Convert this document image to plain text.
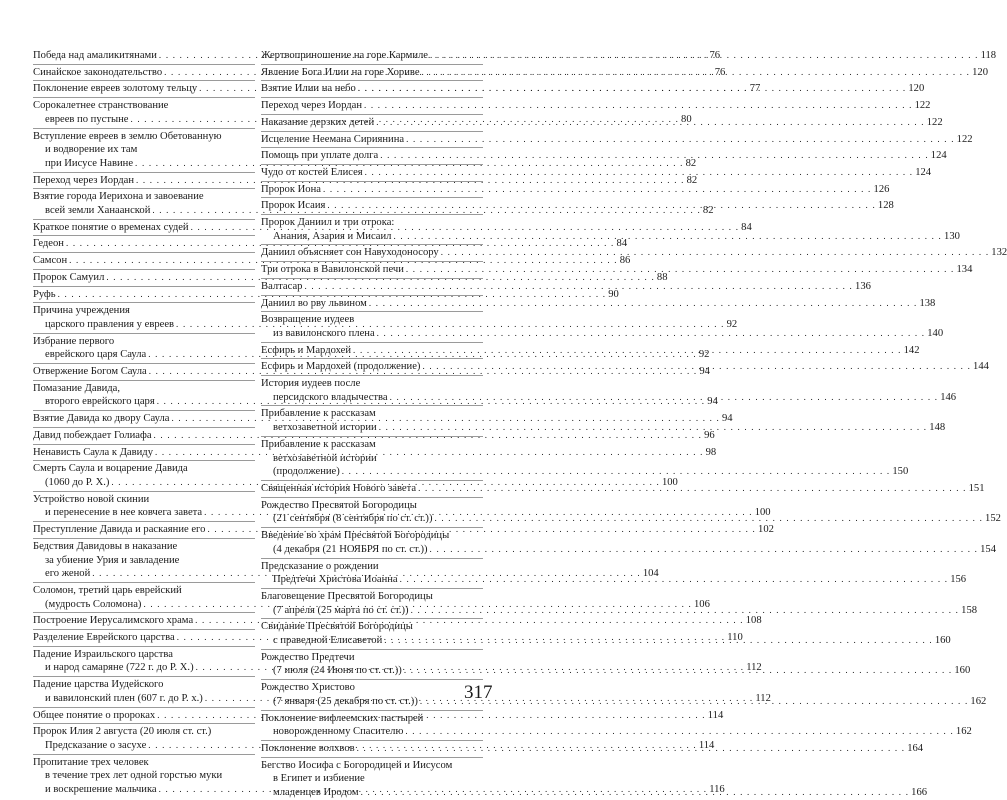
Победа над амаликитянами . . .	76
Синайское законодательство . . .	76
Поклонение евреев золотому тельцу . . .	77
Сорокалетнее странствование
евреев по пустыне . . .	80
Вступление евреев в землю Обетованную
и водворение их там
при Иисусе Навине . . .	82
Переход через Иордан . . .	82
Взятие города Иерихона и завоевание
всей земли Ханаанской . . .	82
Краткое понятие о временах судей . . .	84
Гедеон . . .	84
Самсон . . .	86
Пророк Самуил . . .	88
Руфь . . .	90
Причина учреждения
царского правления у евреев . . .	92
Избрание первого
еврейского царя Саула . . .	92
Отвержение Богом Саула . . .	94
Помазание Давида,
второго еврейского царя . . .	94
Взятие Давида ко двору Саула . . .	94
Давид побеждает Голиафа . . .	96
Ненависть Саула к Давиду . . .	98
Смерть Саула и воцарение Давида
(1060 до Р. Х.) . . .	100
Устройство новой скинии
и перенесение в нее ковчега завета . . .	100
Преступление Давида и раскаяние его . . .	102
Бедствия Давидовы в наказание
за убиение Урия и завладение
его женой . . .	104
Соломон, третий царь еврейский
(мудрость Соломона) . . .	106
Построение Иерусалимского храма . . .	108
Разделение Еврейского царства . . .	110
Падение Израильского царства
и народ самаряне (722 г. до Р. Х.) . . .	112
Падение царства Иудейского
и вавилонский плен (607 г. до Р. х.) . . .	112
Общее понятие о пророках . . .	114
Пророк Илия 2 августа (20 июля ст. ст.)
Предсказание о засухе . . .	114
Пропитание трех человек
в течение трех лет одной горстью муки
и воскрешение мальчика . . .	116
Жертвоприношение на горе Кармиле . . .	118
Явление Бога Илии на горе Хориве . . .	120
Взятие Илии на небо . . .	120
Переход через Иордан . . .	122
Наказание дерзких детей . . .	122
Исцеление Неемана Сириянина . . .	122
Помощь при уплате долга . . .	124
Чудо от костей Елисея . . .	124
Пророк Иона . . .	126
Пророк Исаия . . .	128
Пророк Даниил и три отрока:
Анания, Азария и Мисаил . . .	130
Даниил объясняет сон Навуходоносору . . .	132
Три отрока в Вавилонской печи . . .	134
Валтасар . . .	136
Даниил во рву львином . . .	138
Возвращение иудеев
из вавилонского плена . . .	140
Есфирь и Мардохей . . .	142
Есфирь и Мардохей (продолжение) . . .	144
История иудеев после
персидского владычества . . .	146
Прибавление к рассказам
ветхозаветной истории . . .	148
Прибавление к рассказам
ветхозаветной истории
(продолжение) . . .	150
Священная история Нового завета . . .	151
Рождество Пресвятой Богородицы
(21 сентября (8 сентября по ст. ст.)) . . .	152
Введение во храм Пресвятой Богородицы
(4 декабря (21 НОЯБРЯ по ст. ст.)) . . .	154
Предсказание о рождении
Предтечи Христова Иоанна . . .	156
Благовещение Пресвятой Богородицы
(7 апреля (25 марта по ст. ст.)) . . .	158
Свидание Пресвятой Богородицы
с праведной Елисаветой . . .	160
Рождество Предтечи
(7 июля (24 Июня по ст. ст.)) . . .	160
Рождество Христово
(7 января (25 декабря по ст. ст.)) . . .	162
Поклонение вифлеемских пастырей
новорожденному Спасителю . . .	162
Поклонение волхвов . . .	164
Бегство Иосифа с Богородицей и Иисусом
в Египет и избиение
младенцев Иродом . . .	166
317
